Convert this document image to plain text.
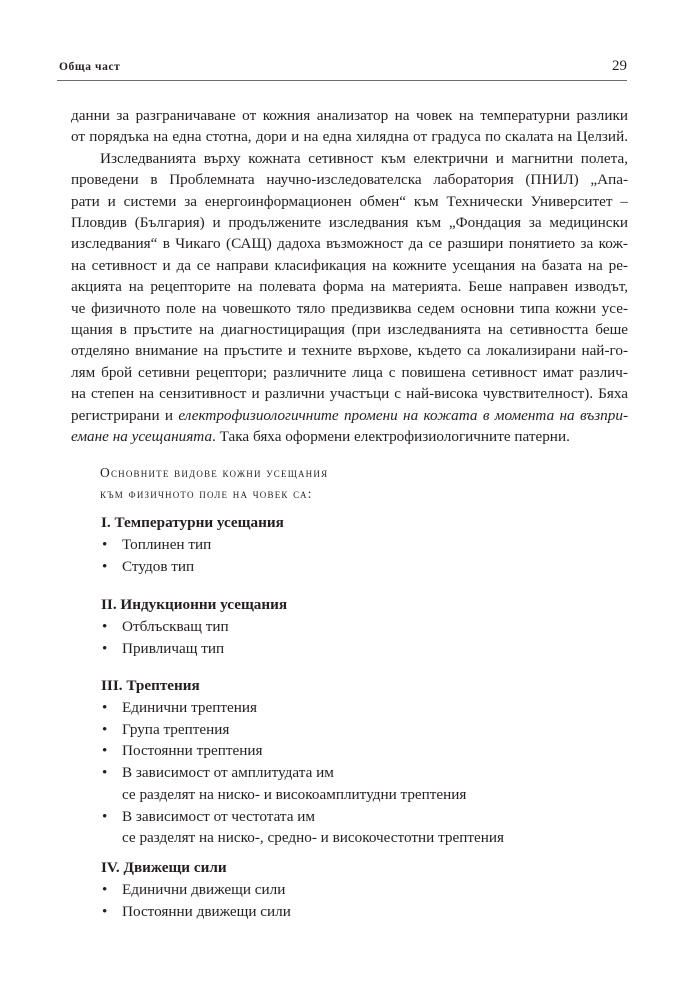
Обща част	29
данни за разграничаване от кожния анализатор на човек на температурни разлики
от порядъка на една стотна, дори и на една хилядна от градуса по скалата на Целзий.
Изследванията върху кожната сетивност към електрични и магнитни полета,
проведени в Проблемната научно-изследователска лаборатория (ПНИЛ) „Апа-
рати и системи за енергоинформационен обмен“ към Технически Университет –
Пловдив (България) и продължените изследвания към „Фондация за медицински
изследвания“ в Чикаго (САЩ) дадоха възможност да се разшири понятието за кож-
на сетивност и да се направи класификация на кожните усещания на базата на ре-
акцията на рецепторите на полевата форма на материята. Беше направен изводът,
че физичното поле на човешкото тяло предизвиква седем основни типа кожни усе-
щания в пръстите на диагностициращия (при изследванията на сетивността беше
отделяно внимание на пръстите и техните върхове, където са локализирани най-го-
лям брой сетивни рецептори; различните лица с повишена сетивност имат различ-
на степен на сензитивност и различни участъци с най-висока чувствителност). Бяха
регистрирани и електрофизиологичните промени на кожата в момента на възпри-
емане на усещанията. Така бяха оформени електрофизиологичните патерни.
Основните видове кожни усещания
към физичното поле на човек са:
I. Температурни усещания
• Топлинен тип
• Студов тип
II. Индукционни усещания
• Отблъскващ тип
• Привличащ тип
III. Трептения
• Единични трептения
• Група трептения
• Постоянни трептения
• В зависимост от амплитудата им
се разделят на ниско- и високоамплитудни трептения
• В зависимост от честотата им
се разделят на ниско-, средно- и високочестотни трептения
IV. Движещи сили
• Единични движещи сили
• Постоянни движещи сили
